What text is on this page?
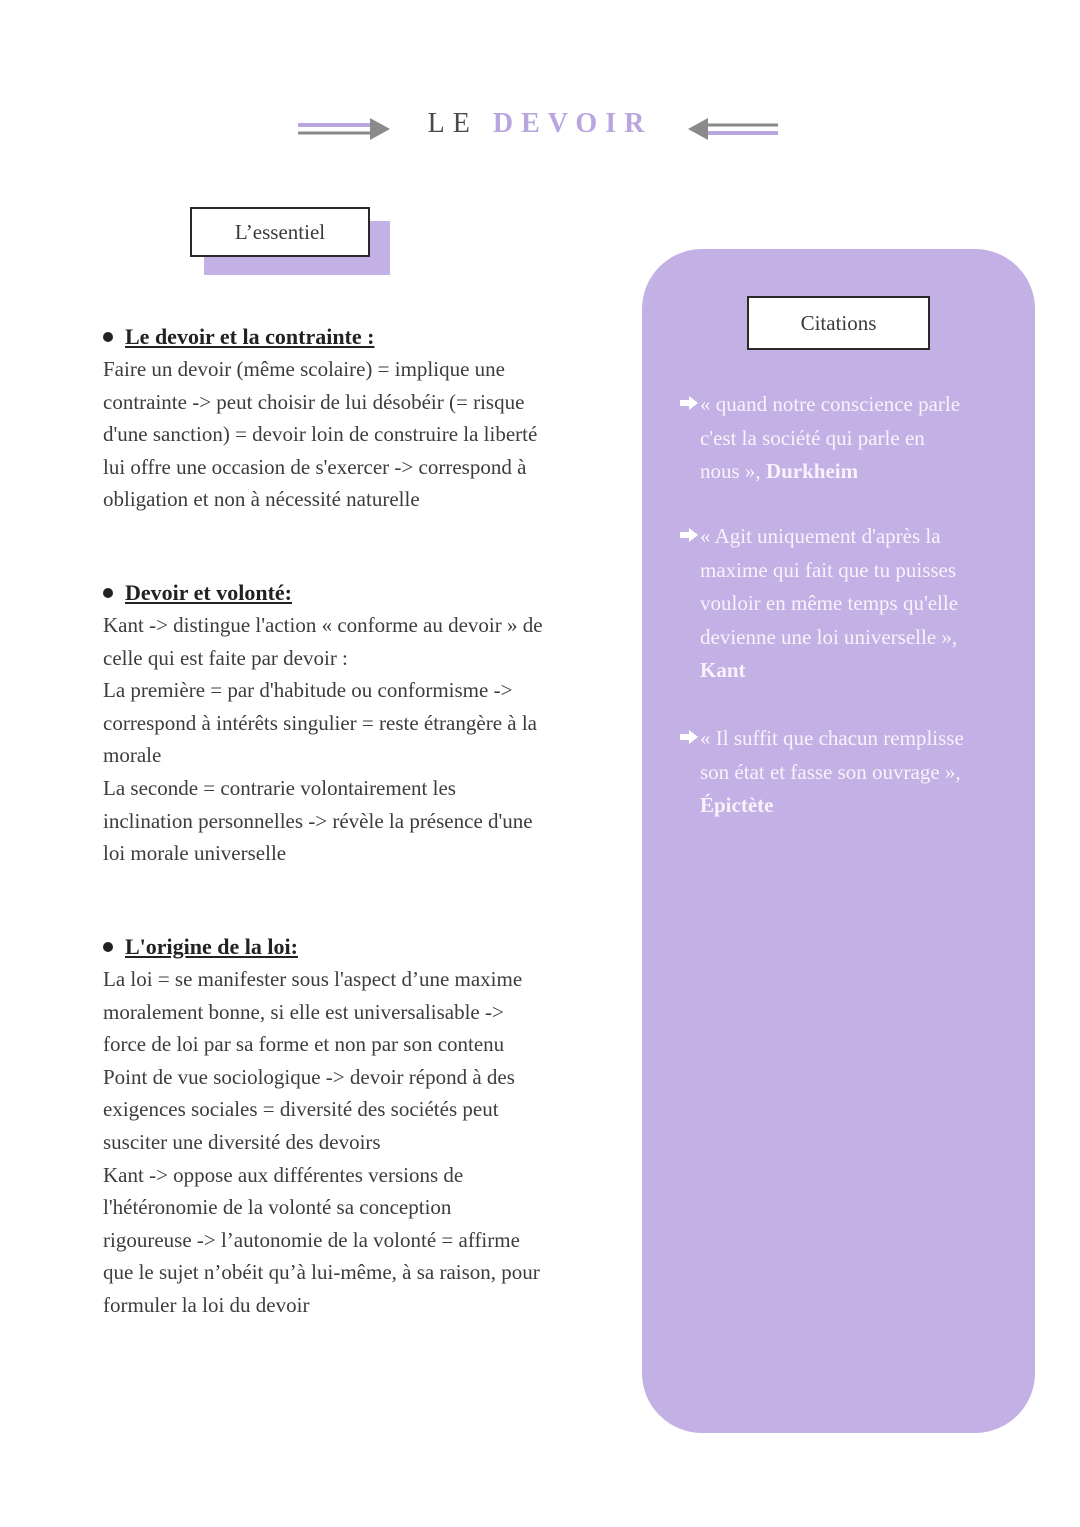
LE DEVOIR
L’essentiel
Le devoir et la contrainte :

Faire un devoir (même scolaire) = implique une

contrainte -> peut choisir de lui désobéir (= risque

d'une sanction) = devoir loin de construire la liberté

lui offre une occasion de s'exercer -> correspond à

obligation et non à nécessité naturelle

Devoir et volonté:

Kant -> distingue l'action « conforme au devoir » de

celle qui est faite par devoir :

La première = par d'habitude ou conformisme ->

correspond à intérêts singulier = reste étrangère à la

morale

La seconde = contrarie volontairement les

inclination personnelles -> révèle la présence d'une

loi morale universelle

L'origine de la loi:

La loi = se manifester sous l'aspect d’une maxime

moralement bonne, si elle est universalisable ->

force de loi par sa forme et non par son contenu

Point de vue sociologique -> devoir répond à des

exigences sociales = diversité des sociétés peut

susciter une diversité des devoirs

Kant -> oppose aux différentes versions de

l'hétéronomie de la volonté sa conception

rigoureuse -> l’autonomie de la volonté = affirme

que le sujet n’obéit qu’à lui-même, à sa raison, pour

formuler la loi du devoir

Citations
« quand notre conscience parle
c'est la société qui parle en
nous », Durkheim
« Agit uniquement d'après la
maxime qui fait que tu puisses
vouloir en même temps qu'elle
devienne une loi universelle »,
Kant
« Il suffit que chacun remplisse
son état et fasse son ouvrage »,
Épictète
